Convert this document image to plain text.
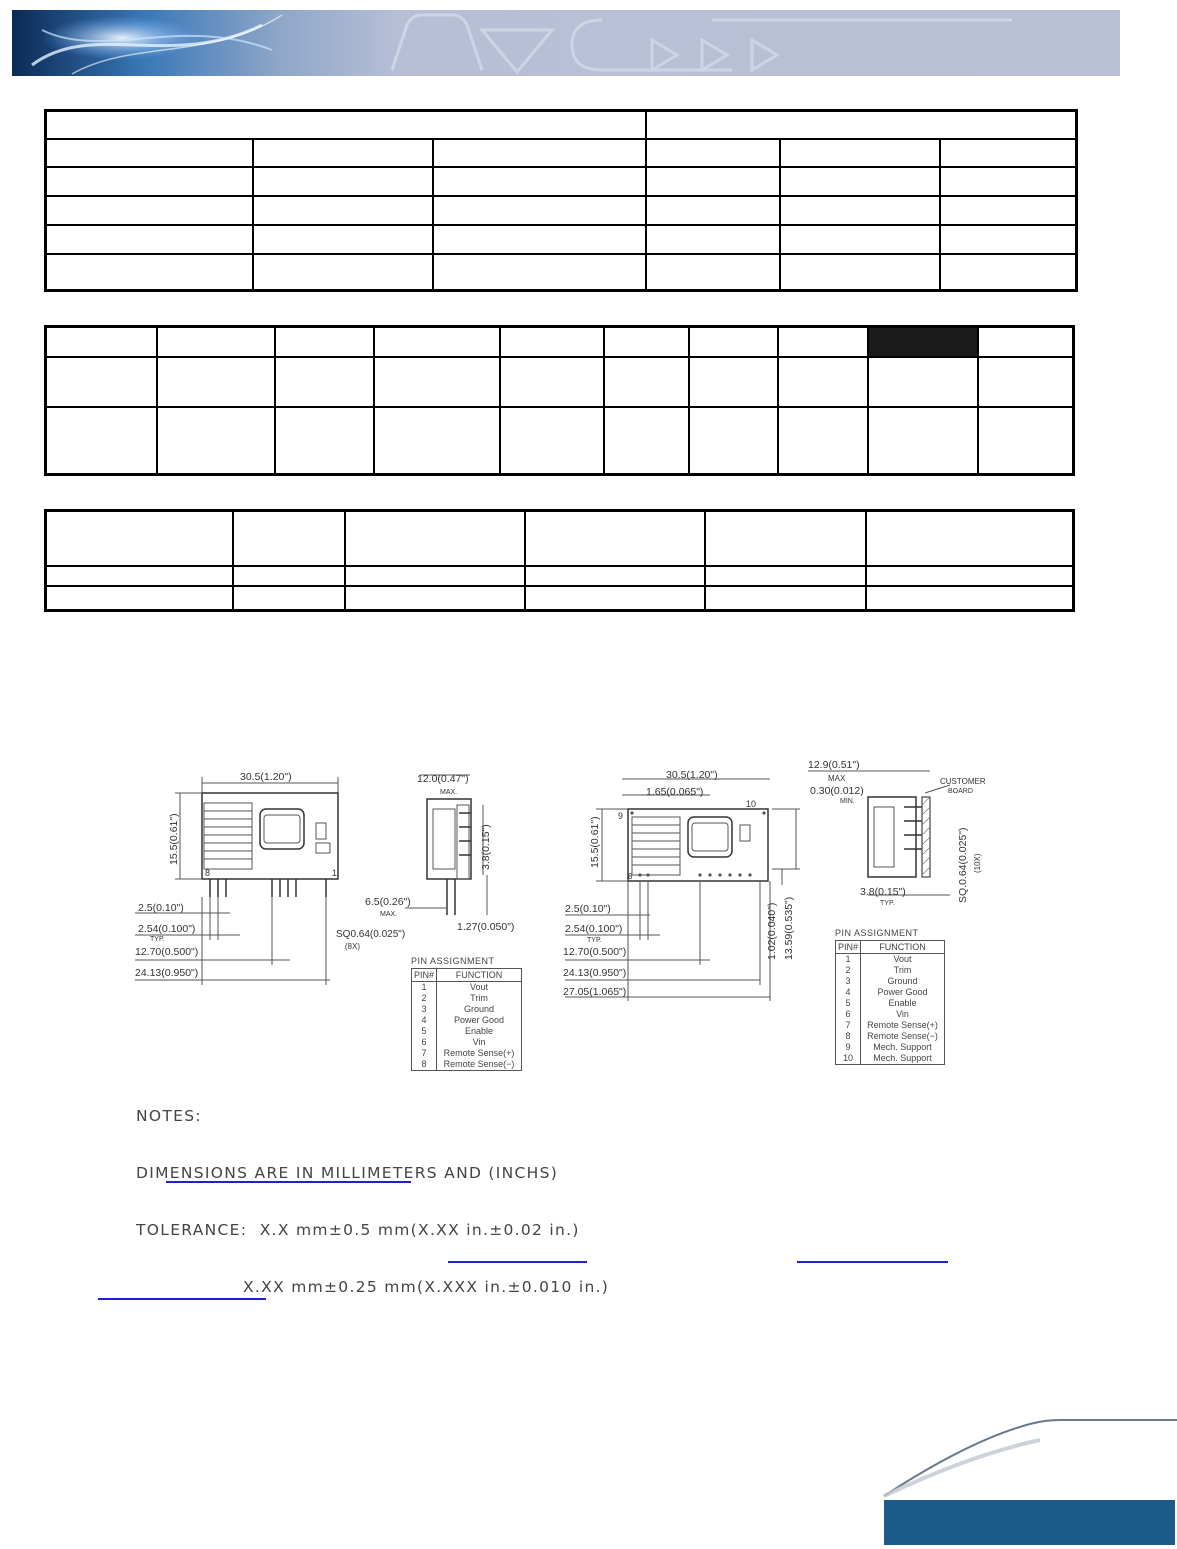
30.5(1.20")
15.5(0.61")
8	1
2.5(0.10")
2.54(0.100")
TYP.
12.70(0.500")
24.13(0.950")
SQ0.64(0.025")
(8X)
12.0(0.47")
MAX.
3.8(0.15")
6.5(0.26")
MAX.
1.27(0.050")
PIN ASSIGNMENT
PIN#	FUNCTION
1	Vout
2	Trim
3	Ground
4	Power Good
5	Enable
6	Vin
7	Remote Sense(+)
8	Remote Sense(−)
30.5(1.20")
1.65(0.065")
15.5(0.61")
9
10
8
1.02(0.040") 13.59(0.535")
2.5(0.10")
2.54(0.100")
TYP.
12.70(0.500")
24.13(0.950")
27.05(1.065")
12.9(0.51")
MAX
0.30(0.012)
MIN.
CUSTOMER
BOARD
3.8(0.15")
TYP.
SQ.0.64(0.025") (10X)
PIN ASSIGNMENT
PIN#	FUNCTION
1	Vout
2	Trim
3	Ground
4	Power Good
5	Enable
6	Vin
7	Remote Sense(+)
8	Remote Sense(−)
9	Mech. Support
10	Mech. Support

NOTES:

DIMENSIONS ARE IN MILLIMETERS AND (INCHS)

TOLERANCE:  X.X mm±0.5 mm(X.XX in.±0.02 in.)

X.XX mm±0.25 mm(X.XXX in.±0.010 in.)
